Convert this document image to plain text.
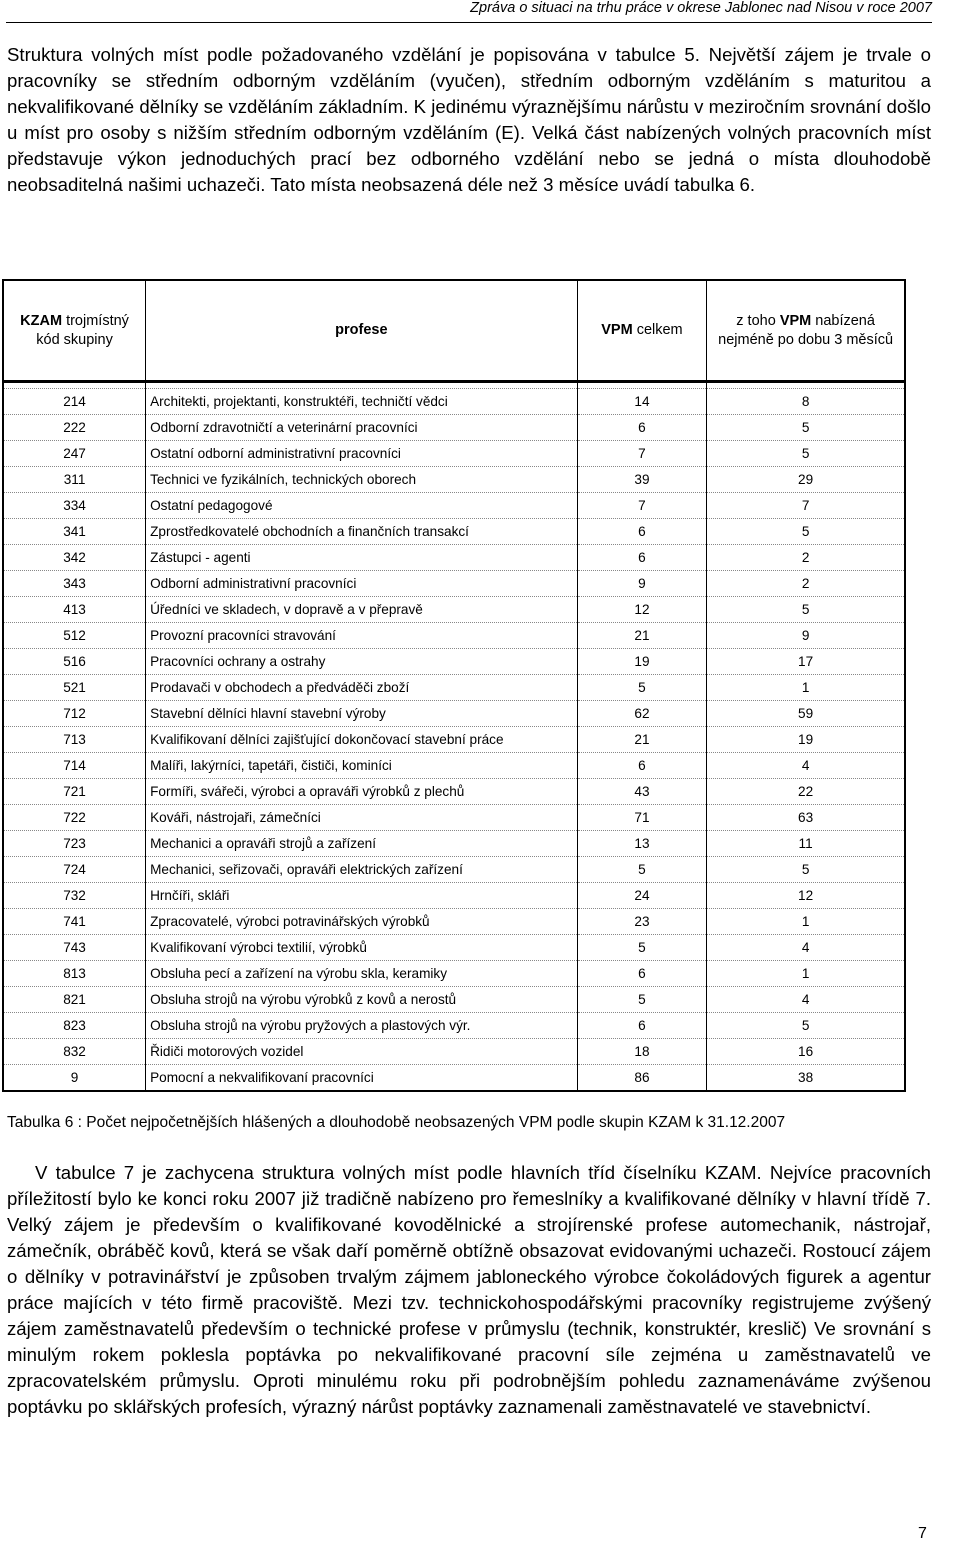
Zpráva o situaci na trhu práce v okrese Jablonec nad Nisou v roce 2007

Struktura volných míst podle požadovaného vzdělání je popisována v tabulce 5. Největší zájem je trvale o pracovníky se středním odborným vzděláním (vyučen), středním odborným vzděláním s maturitou a nekvalifikované dělníky se vzděláním základním. K jedinému výraznějšímu nárůstu v meziročním srovnání došlo u míst pro osoby s nižším středním odborným vzděláním (E). Velká část nabízených volných pracovních míst představuje výkon jednoduchých prací bez odborného vzdělání nebo se jedná o místa dlouhodobě neobsaditelná našimi uchazeči. Tato místa neobsazená déle než 3 měsíce uvádí tabulka 6.

KZAM trojmístný kód skupiny	profese	VPM celkem	z toho VPM nabízená nejméně po dobu 3 měsíců

214	Architekti, projektanti, konstruktéři, techničtí vědci	14	8
222	Odborní zdravotničtí a veterinární pracovníci	6	5
247	Ostatní odborní administrativní pracovníci	7	5
311	Technici ve fyzikálních, technických oborech	39	29
334	Ostatní pedagogové	7	7
341	Zprostředkovatelé obchodních a finančních transakcí	6	5
342	Zástupci - agenti	6	2
343	Odborní administrativní pracovníci	9	2
413	Úředníci ve skladech, v dopravě a v přepravě	12	5
512	Provozní pracovníci stravování	21	9
516	Pracovníci ochrany a ostrahy	19	17
521	Prodavači v obchodech a předváděči zboží	5	1
712	Stavební dělníci hlavní stavební výroby	62	59
713	Kvalifikovaní dělníci zajišťující dokončovací stavební práce	21	19
714	Malíři, lakýrníci, tapetáři, čističi, kominíci	6	4
721	Formíři, svářeči, výrobci a opraváři výrobků z plechů	43	22
722	Kováři, nástrojaři, zámečníci	71	63
723	Mechanici a opraváři strojů a zařízení	13	11
724	Mechanici, seřizovači, opraváři elektrických zařízení	5	5
732	Hrnčíři, skláři	24	12
741	Zpracovatelé, výrobci potravinářských výrobků	23	1
743	Kvalifikovaní výrobci textilií, výrobků	5	4
813	Obsluha pecí a zařízení na výrobu skla, keramiky	6	1
821	Obsluha strojů na výrobu výrobků z kovů a nerostů	5	4
823	Obsluha strojů na výrobu pryžových a plastových výr.	6	5
832	Řidiči motorových vozidel	18	16
9	Pomocní a nekvalifikovaní pracovníci	86	38
Tabulka 6 : Počet nejpočetnějších hlášených a dlouhodobě neobsazených VPM podle skupin KZAM k 31.12.2007

V tabulce 7 je zachycena struktura volných míst podle hlavních tříd číselníku KZAM. Nejvíce pracovních příležitostí bylo ke konci roku 2007 již tradičně nabízeno pro řemeslníky a kvalifikované dělníky v hlavní třídě 7. Velký zájem je především o kvalifikované kovodělnické a strojírenské profese automechanik, nástrojař, zámečník, obráběč kovů, která se však daří poměrně obtížně obsazovat evidovanými uchazeči. Rostoucí zájem o dělníky v potravinářství je způsoben trvalým zájmem jabloneckého výrobce čokoládových figurek a agentur práce majících v této firmě pracoviště. Mezi tzv. technickohospodářskými pracovníky registrujeme zvýšený zájem zaměstnavatelů především o technické profese v průmyslu (technik, konstruktér, kreslič) Ve srovnání s minulým rokem poklesla poptávka po nekvalifikované pracovní síle zejména u zaměstnavatelů ve zpracovatelském průmyslu. Oproti minulému roku při podrobnějším pohledu zaznamenáváme zvýšenou poptávku po sklářských profesích, výrazný nárůst poptávky zaznamenali zaměstnavatelé ve stavebnictví.

7
